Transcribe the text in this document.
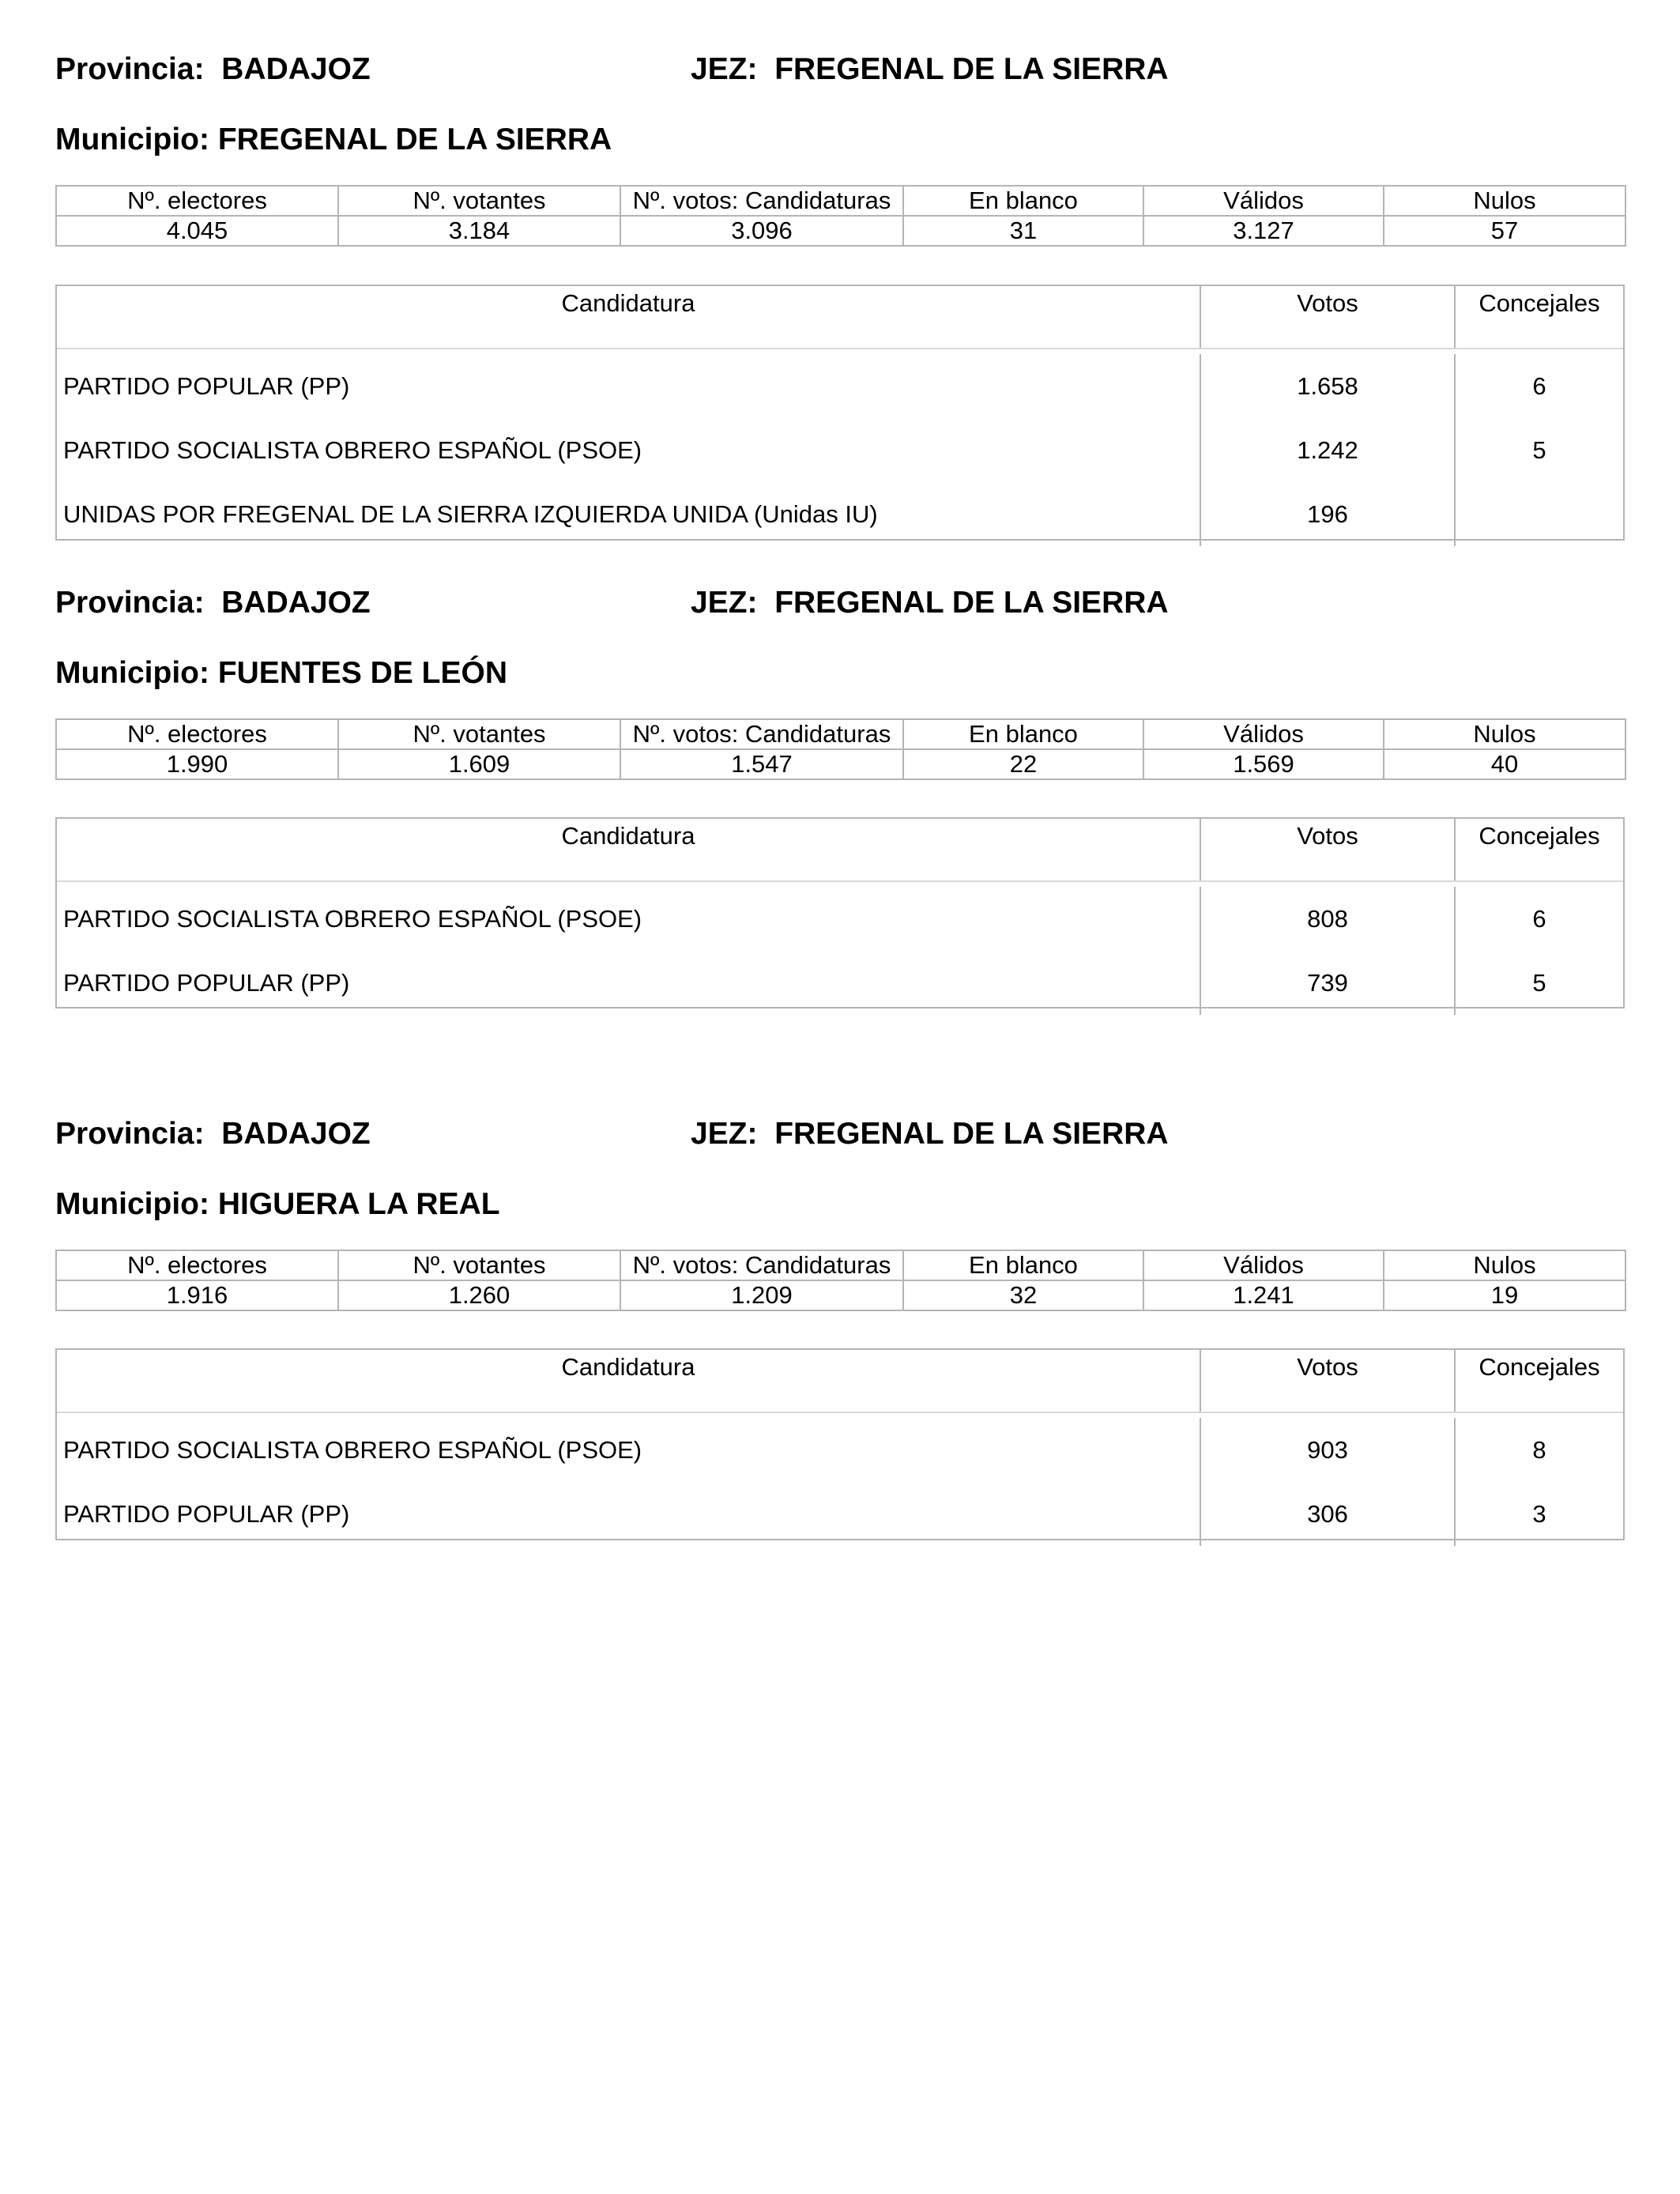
Provincia: BADAJOZ	JEZ: FREGENAL DE LA SIERRA
Municipio: FREGENAL DE LA SIERRA
Nº. electores	Nº. votantes	Nº. votos: Candidaturas	En blanco	Válidos	Nulos
4.045	3.184	3.096	31	3.127	57
Candidatura	Votos	Concejales
PARTIDO POPULAR (PP)	1.658	6
PARTIDO SOCIALISTA OBRERO ESPAÑOL (PSOE)	1.242	5
UNIDAS POR FREGENAL DE LA SIERRA IZQUIERDA UNIDA (Unidas IU)	196
Provincia: BADAJOZ	JEZ: FREGENAL DE LA SIERRA
Municipio: FUENTES DE LEÓN
Nº. electores	Nº. votantes	Nº. votos: Candidaturas	En blanco	Válidos	Nulos
1.990	1.609	1.547	22	1.569	40
Candidatura	Votos	Concejales
PARTIDO SOCIALISTA OBRERO ESPAÑOL (PSOE)	808	6
PARTIDO POPULAR (PP)	739	5
Provincia: BADAJOZ	JEZ: FREGENAL DE LA SIERRA
Municipio: HIGUERA LA REAL
Nº. electores	Nº. votantes	Nº. votos: Candidaturas	En blanco	Válidos	Nulos
1.916	1.260	1.209	32	1.241	19
Candidatura	Votos	Concejales
PARTIDO SOCIALISTA OBRERO ESPAÑOL (PSOE)	903	8
PARTIDO POPULAR (PP)	306	3
